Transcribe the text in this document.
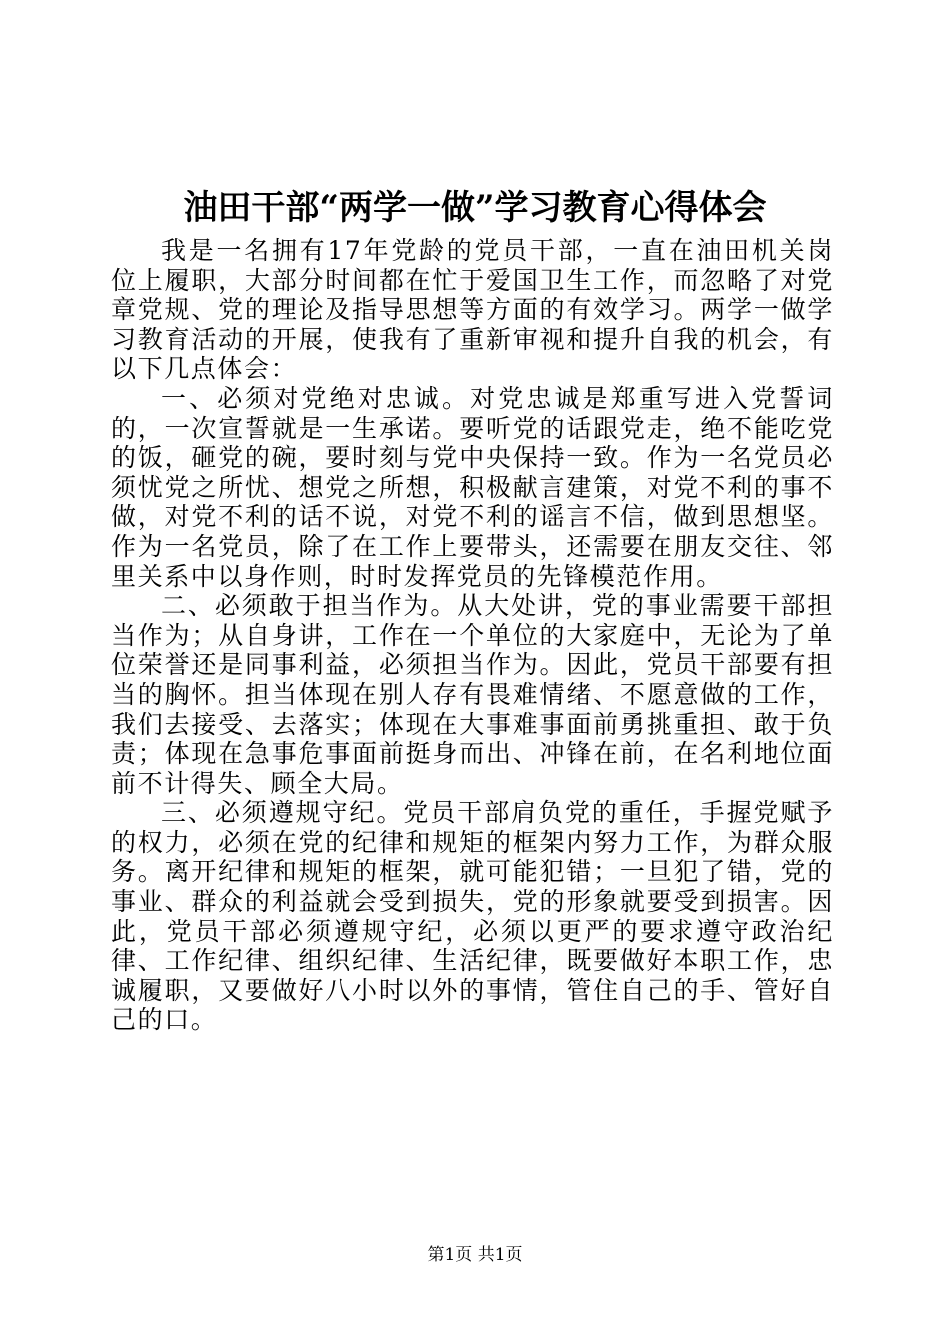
油田干部“两学一做”学习教育心得体会

我是一名拥有17年党龄的党员干部，一直在油田机关岗位上履职，大部分时间都在忙于爱国卫生工作，而忽略了对党章党规、党的理论及指导思想等方面的有效学习。两学一做学习教育活动的开展，使我有了重新审视和提升自我的机会，有以下几点体会：

一、必须对党绝对忠诚。对党忠诚是郑重写进入党誓词的，一次宣誓就是一生承诺。要听党的话跟党走，绝不能吃党的饭，砸党的碗，要时刻与党中央保持一致。作为一名党员必须忧党之所忧、想党之所想，积极献言建策，对党不利的事不做，对党不利的话不说，对党不利的谣言不信，做到思想坚。作为一名党员，除了在工作上要带头，还需要在朋友交往、邻里关系中以身作则，时时发挥党员的先锋模范作用。

二、必须敢于担当作为。从大处讲，党的事业需要干部担当作为；从自身讲，工作在一个单位的大家庭中，无论为了单位荣誉还是同事利益，必须担当作为。因此，党员干部要有担当的胸怀。担当体现在别人存有畏难情绪、不愿意做的工作，我们去接受、去落实；体现在大事难事面前勇挑重担、敢于负责；体现在急事危事面前挺身而出、冲锋在前，在名利地位面前不计得失、顾全大局。

三、必须遵规守纪。党员干部肩负党的重任，手握党赋予的权力，必须在党的纪律和规矩的框架内努力工作，为群众服务。离开纪律和规矩的框架，就可能犯错；一旦犯了错，党的事业、群众的利益就会受到损失，党的形象就要受到损害。因此，党员干部必须遵规守纪，必须以更严的要求遵守政治纪律、工作纪律、组织纪律、生活纪律，既要做好本职工作，忠诚履职，又要做好八小时以外的事情，管住自己的手、管好自己的口。

第1页 共1页
